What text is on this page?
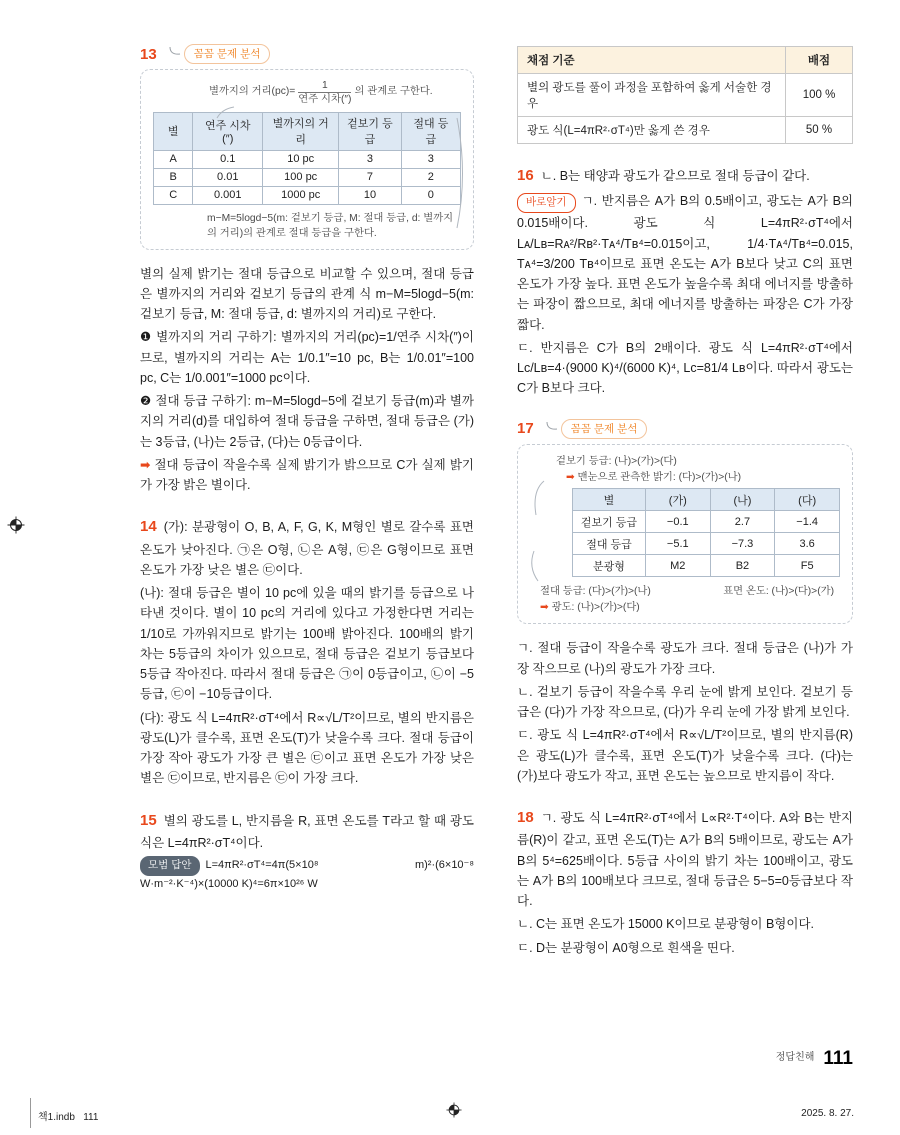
13	꼼꼼 문제 분석
별까지의 거리$(pc)= \frac{1}{\text{연주 시차(″)}}$ 의 관계로 구한다.
별	연주 시차(″)	별까지의 거리	겉보기 등급	절대 등급
A	0.1	10 pc	3	3
B	0.01	100 pc	7	2
C	0.001	1000 pc	10	0
m−M=5logd−5(m: 겉보기 등급, M: 절대 등급, d: 별까지의 거리)의 관계로 절대 등급을 구한다.

별의 실제 밝기는 절대 등급으로 비교할 수 있으며, 절대 등급은 별까지의 거리와 겉보기 등급의 관계 식 m−M=5logd−5(m: 겉보기 등급, M: 절대 등급, d: 별까지의 거리)로 구한다.

❶ 별까지의 거리 구하기: 별까지의 거리(pc)=1/연주 시차(″)이므로, 별까지의 거리는 A는 1/0.1″=10 pc, B는 1/0.01″=100 pc, C는 1/0.001″=1000 pc이다.

❷ 절대 등급 구하기: m−M=5logd−5에 겉보기 등급(m)과 별까지의 거리(d)를 대입하여 절대 등급을 구하면, 절대 등급은 (가)는 3등급, (나)는 2등급, (다)는 0등급이다.

➡ 절대 등급이 작을수록 실제 밝기가 밝으므로 C가 실제 밝기가 가장 밝은 별이다.

14 (가): 분광형이 O, B, A, F, G, K, M형인 별로 갈수록 표면 온도가 낮아진다. ㉠은 O형, ㉡은 A형, ㉢은 G형이므로 표면 온도가 가장 낮은 별은 ㉢이다.

(나): 절대 등급은 별이 10 pc에 있을 때의 밝기를 등급으로 나타낸 것이다. 별이 10 pc의 거리에 있다고 가정한다면 거리는 1/10로 가까워지므로 밝기는 100배 밝아진다. 100배의 밝기 차는 5등급의 차이가 있으므로, 절대 등급은 겉보기 등급보다 5등급 작아진다. 따라서 절대 등급은 ㉠이 0등급이고, ㉡이 −5등급, ㉢이 −10등급이다.

(다): 광도 식 L=4πR²·σT⁴에서 R∝√L/T²이므로, 별의 반지름은 광도(L)가 클수록, 표면 온도(T)가 낮을수록 크다. 절대 등급이 가장 작아 광도가 가장 큰 별은 ㉢이고 표면 온도가 가장 낮은 별은 ㉢이므로, 반지름은 ㉢이 가장 크다.

15 별의 광도를 L, 반지름을 R, 표면 온도를 T라고 할 때 광도 식은 L=4πR²·σT⁴이다.

모범 답안 L=4πR²·σT⁴=4π(5×10⁸ m)²·(6×10⁻⁸ W·m⁻²·K⁻⁴)×(10000 K)⁴=6π×10²⁶ W

채점 기준	배점
별의 광도를 풀이 과정을 포함하여 옳게 서술한 경우	100 %
광도 식(L=4πR²·σT⁴)만 옳게 쓴 경우	50 %

16 ㄴ. B는 태양과 광도가 같으므로 절대 등급이 같다.

바로알기 ㄱ. 반지름은 A가 B의 0.5배이고, 광도는 A가 B의 0.015배이다. 광도 식 L=4πR²·σT⁴에서 Lᴀ/Lʙ=Rᴀ²/Rʙ²·Tᴀ⁴/Tʙ⁴=0.015이고, 1/4·Tᴀ⁴/Tʙ⁴=0.015, Tᴀ⁴=3/200 Tʙ⁴이므로 표면 온도는 A가 B보다 낮고 C의 표면 온도가 가장 높다. 표면 온도가 높을수록 최대 에너지를 방출하는 파장이 짧으므로, 최대 에너지를 방출하는 파장은 C가 가장 짧다.

ㄷ. 반지름은 C가 B의 2배이다. 광도 식 L=4πR²·σT⁴에서 Lᴄ/Lʙ=4·(9000 K)⁴/(6000 K)⁴, Lᴄ=81/4 Lʙ이다. 따라서 광도는 C가 B보다 크다.

17	꼼꼼 문제 분석
겉보기 등급: (나)>(가)>(다)
➡ 맨눈으로 관측한 밝기: (다)>(가)>(나)
별	(가)	(나)	(다)
겉보기 등급	−0.1	2.7	−1.4
절대 등급	−5.1	−7.3	3.6
분광형	M2	B2	F5
절대 등급: (다)>(가)>(나)
➡ 광도: (나)>(가)>(다)
표면 온도: (나)>(다)>(가)

ㄱ. 절대 등급이 작을수록 광도가 크다. 절대 등급은 (나)가 가장 작으므로 (나)의 광도가 가장 크다.

ㄴ. 겉보기 등급이 작을수록 우리 눈에 밝게 보인다. 겉보기 등급은 (다)가 가장 작으므로, (다)가 우리 눈에 가장 밝게 보인다.

ㄷ. 광도 식 L=4πR²·σT⁴에서 R∝√L/T²이므로, 별의 반지름(R)은 광도(L)가 클수록, 표면 온도(T)가 낮을수록 크다. (다)는 (가)보다 광도가 작고, 표면 온도는 높으므로 반지름이 작다.

18 ㄱ. 광도 식 L=4πR²·σT⁴에서 L∝R²·T⁴이다. A와 B는 반지름(R)이 같고, 표면 온도(T)는 A가 B의 5배이므로, 광도는 A가 B의 5⁴=625배이다. 5등급 사이의 밝기 차는 100배이고, 광도는 A가 B의 100배보다 크므로, 절대 등급은 5−5=0등급보다 작다.

ㄴ. C는 표면 온도가 15000 K이므로 분광형이 B형이다.

ㄷ. D는 분광형이 A0형으로 흰색을 띤다.

$^{정답친해}$ 111
책1.indb   111	2025. 8. 27.
